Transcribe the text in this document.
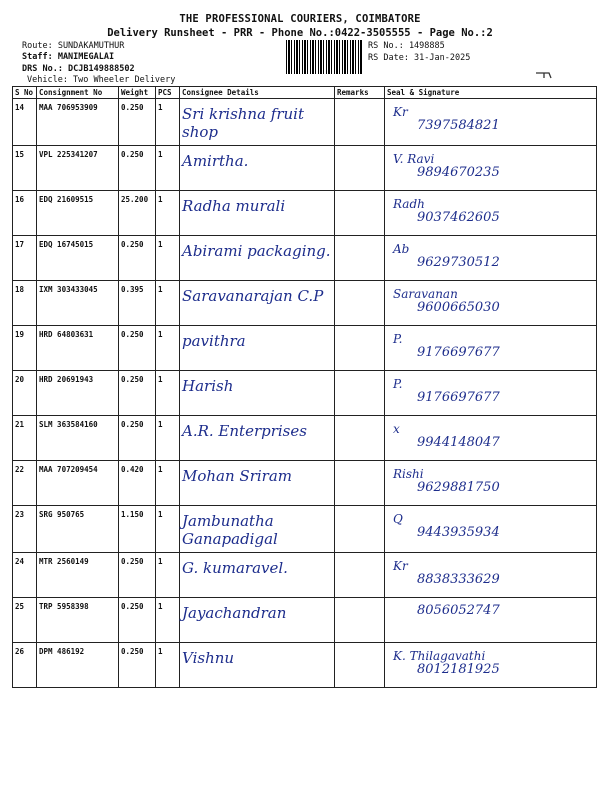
THE PROFESSIONAL COURIERS, COIMBATORE
Delivery Runsheet - PRR - Phone No.:0422-3505555 - Page No.:2
Route: SUNDAKAMUTHUR
Staff: MANIMEGALAI
DRS No.: DCJB149888502
Vehicle: Two Wheeler Delivery
RS No.: 1498885
RS Date: 31-Jan-2025
S No	Consignment No	Weight	PCS	Consignee Details	Remarks	Seal & Signature
14	MAA 706953909	0.250	1	Sri krishna fruit shop		Kr
7397584821

15	VPL 225341207	0.250	1	Amirtha.		V. Ravi
9894670235

16	EDQ 21609515	25.200	1	Radha murali		Radh
9037462605

17	EDQ 16745015	0.250	1	Abirami packaging.		Ab
9629730512

18	IXM 303433045	0.395	1	Saravanarajan C.P		Saravanan
9600665030

19	HRD 64803631	0.250	1	pavithra		P.
9176697677

20	HRD 20691943	0.250	1	Harish		P.
9176697677

21	SLM 363584160	0.250	1	A.R. Enterprises		x
9944148047

22	MAA 707209454	0.420	1	Mohan Sriram		Rishi
9629881750

23	SRG 950765	1.150	1	Jambunatha Ganapadigal		Q
9443935934

24	MTR 2560149	0.250	1	G. kumaravel.		Kr
8838333629

25	TRP 5958398	0.250	1	Jayachandran		8056052747

26	DPM 486192	0.250	1	Vishnu		K. Thilagavathi
8012181925
